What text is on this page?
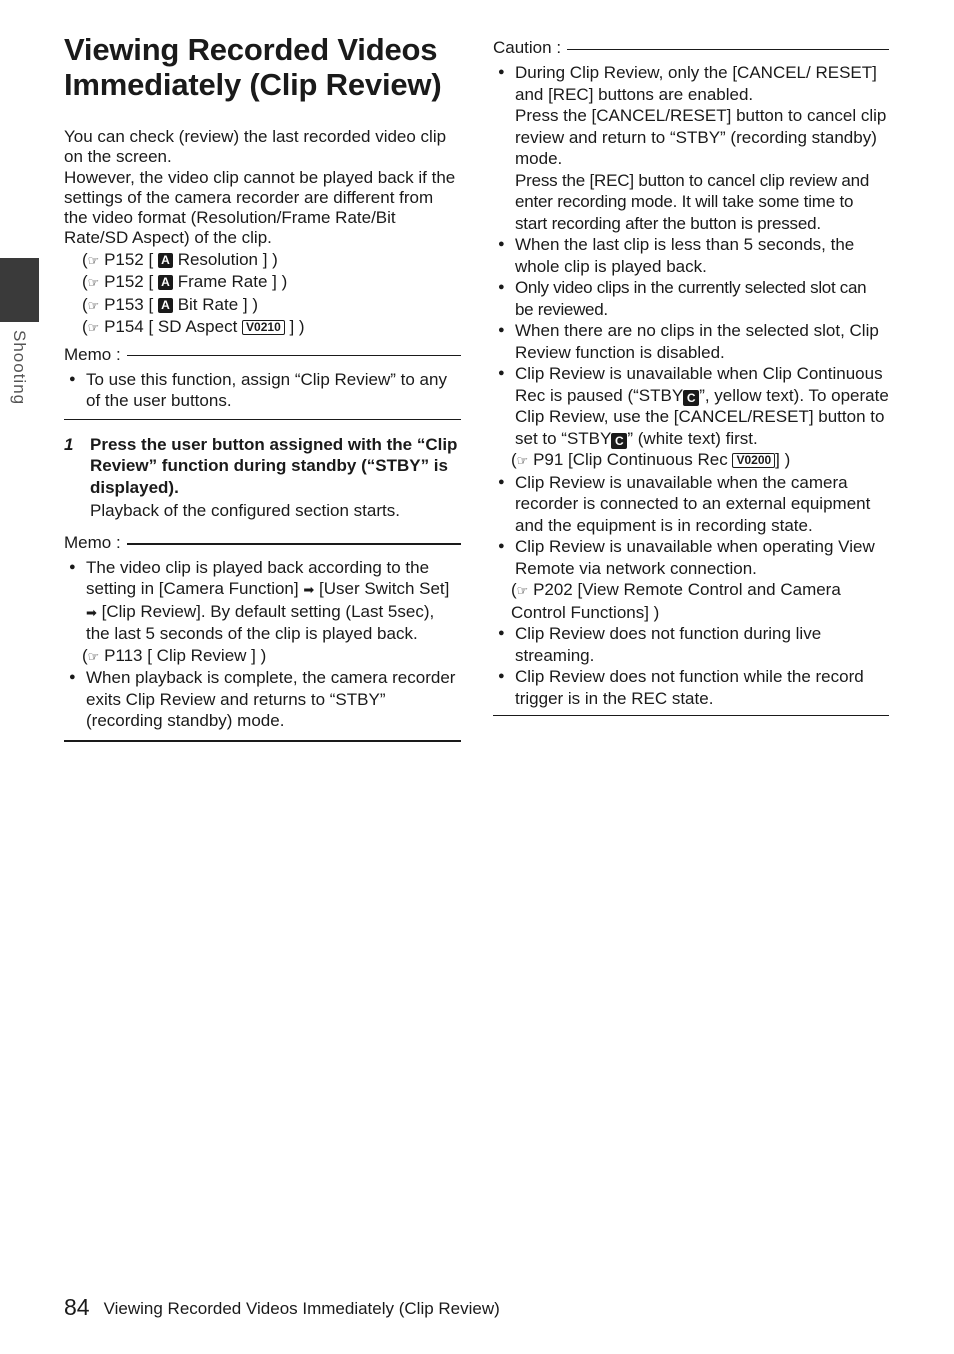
Shooting
Viewing Recorded Videos
Immediately (Clip Review)

You can check (review) the last recorded video clip on the screen.

However, the video clip cannot be played back if the settings of the camera recorder are different from the video format (Resolution/Frame Rate/Bit Rate/SD Aspect) of the clip.

(☞ P152 [ A Resolution ] )
(☞ P152 [ A Frame Rate ] )
(☞ P153 [ A Bit Rate ] )
(☞ P154 [ SD Aspect V0210 ] )
Memo :
● To use this function, assign “Clip Review” to any of the user buttons.
1 Press the user button assigned with the “Clip Review” function during standby (“STBY” is displayed).
Playback of the configured section starts.
Memo :
● The video clip is played back according to the setting in [Camera Function] ➡ [User Switch Set] ➡ [Clip Review]. By default setting (Last 5sec), the last 5 seconds of the clip is played back.
(☞ P113 [ Clip Review ] )
● When playback is complete, the camera recorder exits Clip Review and returns to “STBY” (recording standby) mode.
Caution :
● During Clip Review, only the [CANCEL/ RESET] and [REC] buttons are enabled.
Press the [CANCEL/RESET] button to cancel clip review and return to “STBY” (recording standby) mode.
Press the [REC] button to cancel clip review and enter recording mode. It will take some time to start recording after the button is pressed.
● When the last clip is less than 5 seconds, the whole clip is played back.
● Only video clips in the currently selected slot can be reviewed.
● When there are no clips in the selected slot, Clip Review function is disabled.
● Clip Review is unavailable when Clip Continuous Rec is paused (“STBY C ”, yellow text). To operate Clip Review, use the [CANCEL/RESET] button to set to “STBY C ” (white text) first.
(☞ P91 [Clip Continuous Rec V0200 ] )
● Clip Review is unavailable when the camera recorder is connected to an external equipment and the equipment is in recording state.
● Clip Review is unavailable when operating View Remote via network connection.
(☞ P202 [View Remote Control and Camera Control Functions] )
● Clip Review does not function during live streaming.
● Clip Review does not function while the record trigger is in the REC state.
84 Viewing Recorded Videos Immediately (Clip Review)
